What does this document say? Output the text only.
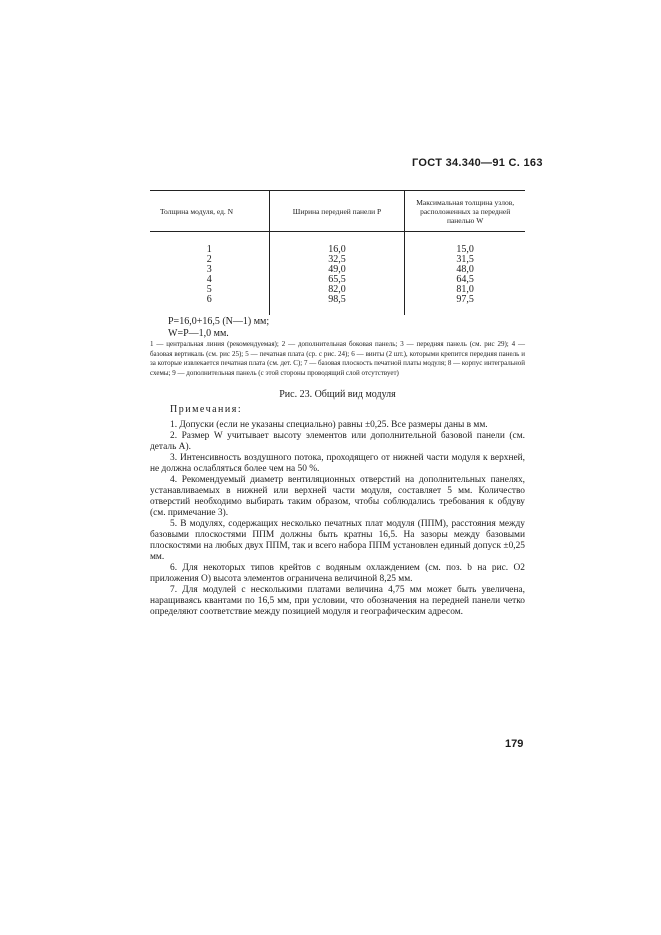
ГОСТ 34.340—91 С. 163
Толщина модуля, ед. N	Ширина передней панели P	Максимальная толщина узлов, расположенных за передней панелью W
1	16,0	15,0
2	32,5	31,5
3	49,0	48,0
4	65,5	64,5
5	82,0	81,0
6	98,5	97,5
P=16,0+16,5 (N—1) мм;
W=P—1,0 мм.
1 — центральная линия (рекомендуемая); 2 — дополнительная боковая панель; 3 — передняя панель (см. рис 29); 4 — базовая вертикаль (см. рис 25); 5 — печатная плата (ср. с рис. 24); 6 — винты (2 шт.), которыми крепится передняя панель и за которые извлекается печатная плата (см. дет. C); 7 — базовая плоскость печатной платы модуля; 8 — корпус интегральной схемы; 9 — дополнительная панель (с этой стороны проводящий слой отсутствует)
Рис. 23. Общий вид модуля
Примечания:

1. Допуски (если не указаны специально) равны ±0,25. Все размеры даны в мм.

2. Размер W учитывает высоту элементов или дополнительной базовой панели (см. деталь A).

3. Интенсивность воздушного потока, проходящего от нижней части модуля к верхней, не должна ослабляться более чем на 50 %.

4. Рекомендуемый диаметр вентиляционных отверстий на дополнительных панелях, устанавливаемых в нижней или верхней части модуля, составляет 5 мм. Количество отверстий необходимо выбирать таким образом, чтобы соблюдались требования к обдуву (см. примечание 3).

5. В модулях, содержащих несколько печатных плат модуля (ППМ), расстояния между базовыми плоскостями ППМ должны быть кратны 16,5. На зазоры между базовыми плоскостями на любых двух ППМ, так и всего набора ППМ установлен единый допуск ±0,25 мм.

6. Для некоторых типов крейтов с водяным охлаждением (см. поз. b на рис. O2 приложения O) высота элементов ограничена величиной 8,25 мм.

7. Для модулей с несколькими платами величина 4,75 мм может быть увеличена, наращиваясь квантами по 16,5 мм, при условии, что обозначения на передней панели четко определяют соответствие между позицией модуля и географическим адресом.

179
